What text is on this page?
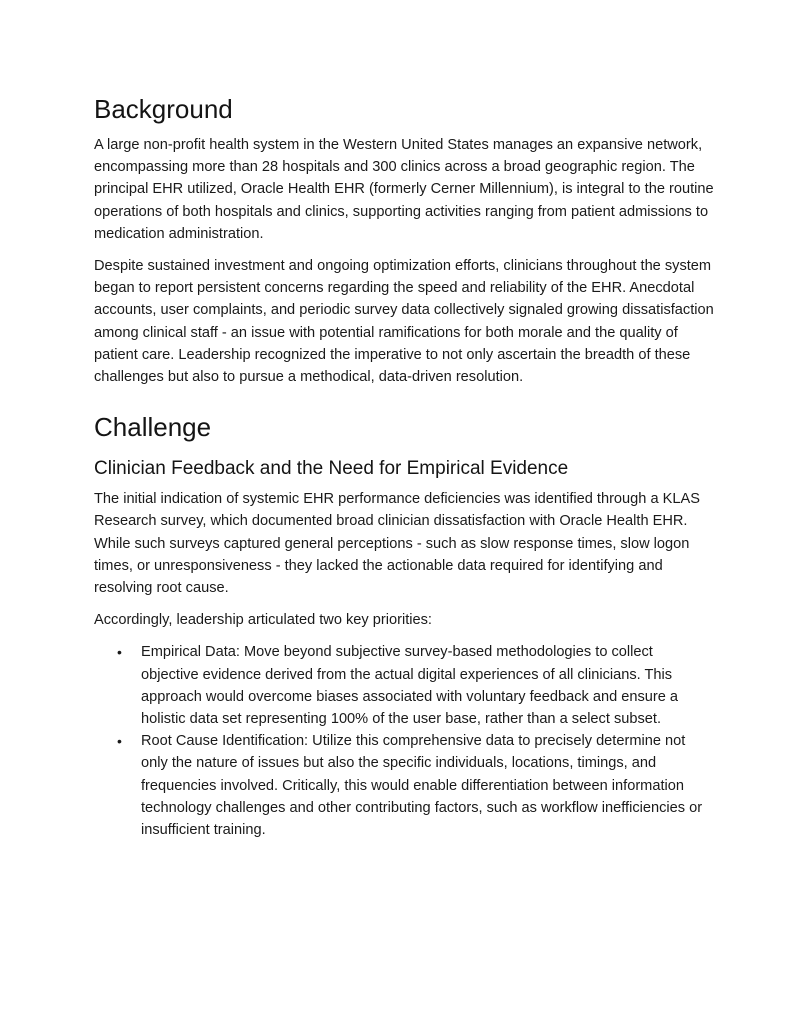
Background

A large non-profit health system in the Western United States manages an expansive network, encompassing more than 28 hospitals and 300 clinics across a broad geographic region. The principal EHR utilized, Oracle Health EHR (formerly Cerner Millennium), is integral to the routine operations of both hospitals and clinics, supporting activities ranging from patient admissions to medication administration.

Despite sustained investment and ongoing optimization efforts, clinicians throughout the system began to report persistent concerns regarding the speed and reliability of the EHR. Anecdotal accounts, user complaints, and periodic survey data collectively signaled growing dissatisfaction among clinical staff - an issue with potential ramifications for both morale and the quality of patient care. Leadership recognized the imperative to not only ascertain the breadth of these challenges but also to pursue a methodical, data-driven resolution.

Challenge
Clinician Feedback and the Need for Empirical Evidence

The initial indication of systemic EHR performance deficiencies was identified through a KLAS Research survey, which documented broad clinician dissatisfaction with Oracle Health EHR. While such surveys captured general perceptions - such as slow response times, slow logon times, or unresponsiveness - they lacked the actionable data required for identifying and resolving root cause.

Accordingly, leadership articulated two key priorities:

• Empirical Data: Move beyond subjective survey-based methodologies to collect objective evidence derived from the actual digital experiences of all clinicians. This approach would overcome biases associated with voluntary feedback and ensure a holistic data set representing 100% of the user base, rather than a select subset.
• Root Cause Identification: Utilize this comprehensive data to precisely determine not only the nature of issues but also the specific individuals, locations, timings, and frequencies involved. Critically, this would enable differentiation between information technology challenges and other contributing factors, such as workflow inefficiencies or insufficient training.
